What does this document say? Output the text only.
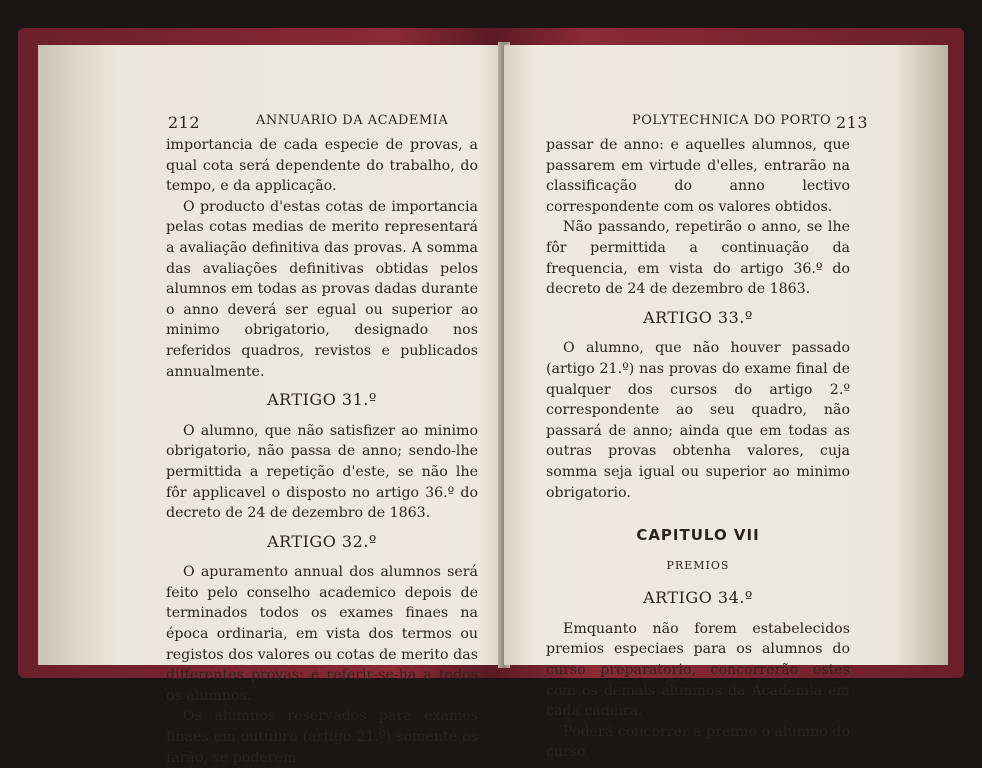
212	ANNUARIO DA ACADEMIA

importancia de cada especie de provas, a qual cota será dependente do trabalho, do tempo, e da applicação.

O producto d'estas cotas de importancia pelas cotas medias de merito representará a avaliação definitiva das provas. A somma das avaliações definitivas obtidas pelos alumnos em todas as provas dadas durante o anno deverá ser egual ou superior ao minimo obrigatorio, designado nos referidos quadros, revistos e publicados annualmente.

ARTIGO 31.º

O alumno, que não satisfizer ao minimo obrigatorio, não passa de anno; sendo-lhe permittida a repetição d'este, se não lhe fôr applicavel o disposto no artigo 36.º do decreto de 24 de dezembro de 1863.

ARTIGO 32.º

O apuramento annual dos alumnos será feito pelo conselho academico depois de terminados todos os exames finaes na época ordinaria, em vista dos termos ou registos dos valores ou cotas de merito das differentes provas: e referir-se-ha a todos os alumnos.

Os alumnos reservados para exames finaes em outubro (artigo 21.º) sómente os farão, se poderem

POLYTECHNICA DO PORTO 213

passar de anno: e aquelles alumnos, que passarem em virtude d'elles, entrarão na classificação do anno lectivo correspondente com os valores obtidos.

Não passando, repetirão o anno, se lhe fôr permittida a continuação da frequencia, em vista do artigo 36.º do decreto de 24 de dezembro de 1863.

ARTIGO 33.º

O alumno, que não houver passado (artigo 21.º) nas provas do exame final de qualquer dos cursos do artigo 2.º correspondente ao seu quadro, não passará de anno; ainda que em todas as outras provas obtenha valores, cuja somma seja igual ou superior ao minimo obrigatorio.

CAPITULO VII
PREMIOS
ARTIGO 34.º

Emquanto não forem estabelecidos premios especiaes para os alumnos do curso preparatorio, concorrerão estes com os demais alumnos da Academia em cada cadeira.

Poderá concorrer a premio o alumno do curso
